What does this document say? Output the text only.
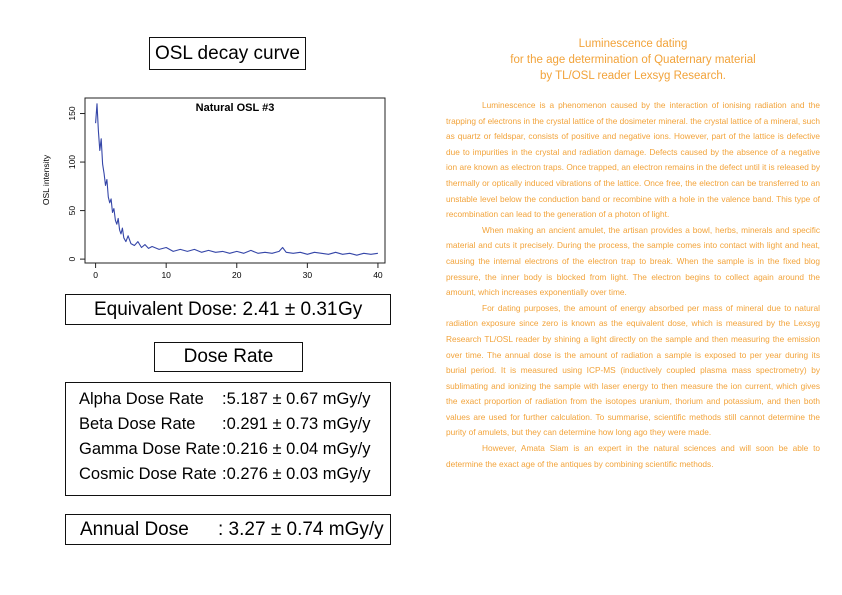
OSL decay curve
Natural OSL #3
OSL intensity
0	10	20	30	40
0
50
100
150
Equivalent Dose : 2.41 ± 0.31 Gy
Dose Rate
Alpha Dose Rate :5.187 ± 0.67 mGy/y
Beta Dose Rate :0.291 ± 0.73 mGy/y
Gamma Dose Rate :0.216 ± 0.04 mGy/y
Cosmic Dose Rate :0.276 ± 0.03 mGy/y
Annual Dose : 3.27 ± 0.74 mGy/y
Luminescence dating
for the age determination of Quaternary material
by TL/OSL reader Lexsyg Research.

Luminescence is a phenomenon caused by the interaction of ionising radiation and the trapping of electrons in the crystal lattice of the dosimeter mineral. the crystal lattice of a mineral, such as quartz or feldspar, consists of positive and negative ions. However, part of the lattice is defective due to impurities in the crystal and radiation damage. Defects caused by the absence of a negative ion are known as electron traps. Once trapped, an electron remains in the defect until it is released by thermally or optically induced vibrations of the lattice. Once free, the electron can be transferred to an unstable level below the conduction band or recombine with a hole in the valence band. This type of recombination can lead to the generation of a photon of light.

When making an ancient amulet, the artisan provides a bowl, herbs, minerals and specific material and cuts it precisely. During the process, the sample comes into contact with light and heat, causing the internal electrons of the electron trap to break. When the sample is in the fixed blog pressure, the inner body is blocked from light. The electron begins to collect again around the amount, which increases exponentially over time.

For dating purposes, the amount of energy absorbed per mass of mineral due to natural radiation exposure since zero is known as the equivalent dose, which is measured by the Lexsyg Research TL/OSL reader by shining a light directly on the sample and then measuring the emission over time. The annual dose is the amount of radiation a sample is exposed to per year during its burial period. It is measured using ICP-MS (inductively coupled plasma mass spectrometry) by sublimating and ionizing the sample with laser energy to then measure the ion current, which gives the exact proportion of radiation from the isotopes uranium, thorium and potassium, and then both values are used for further calculation. To summarise, scientific methods still cannot determine the purity of amulets, but they can determine how long ago they were made.

However, Amata Siam is an expert in the natural sciences and will soon be able to determine the exact age of the antiques by combining scientific methods.
